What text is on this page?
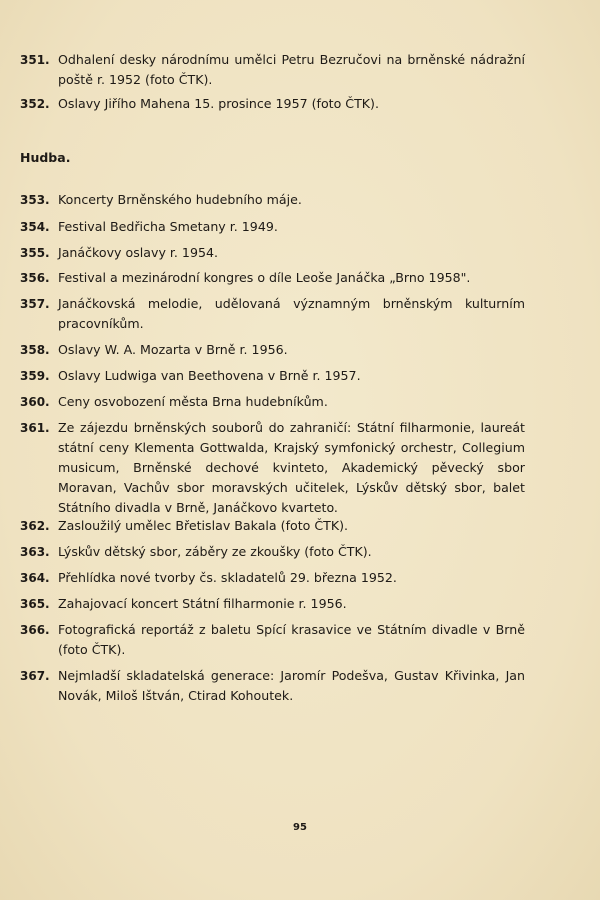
351. Odhalení desky národnímu umělci Petru Bezručovi na brněnské nádražní poště r. 1952 (foto ČTK).
352. Oslavy Jiřího Mahena 15. prosince 1957 (foto ČTK).
Hudba.
353. Koncerty Brněnského hudebního máje.
354. Festival Bedřicha Smetany r. 1949.
355. Janáčkovy oslavy r. 1954.
356. Festival a mezinárodní kongres o díle Leoše Janáčka „Brno 1958".
357. Janáčkovská melodie, udělovaná významným brněnským kulturním pracovníkům.
358. Oslavy W. A. Mozarta v Brně r. 1956.
359. Oslavy Ludwiga van Beethovena v Brně r. 1957.
360. Ceny osvobození města Brna hudebníkům.
361. Ze zájezdu brněnských souborů do zahraničí: Státní filharmonie, laureát státní ceny Klementa Gottwalda, Krajský symfonický orchestr, Collegium musicum, Brněnské dechové kvinteto, Akademický pěvecký sbor Moravan, Vachův sbor moravských učitelek, Lýskův dětský sbor, balet Státního divadla v Brně, Janáčkovo kvarteto.
362. Zasloužilý umělec Břetislav Bakala (foto ČTK).
363. Lýskův dětský sbor, záběry ze zkoušky (foto ČTK).
364. Přehlídka nové tvorby čs. skladatelů 29. března 1952.
365. Zahajovací koncert Státní filharmonie r. 1956.
366. Fotografická reportáž z baletu Spící krasavice ve Státním divadle v Brně (foto ČTK).
367. Nejmladší skladatelská generace: Jaromír Podešva, Gustav Křivinka, Jan Novák, Miloš Ištván, Ctirad Kohoutek.
95
